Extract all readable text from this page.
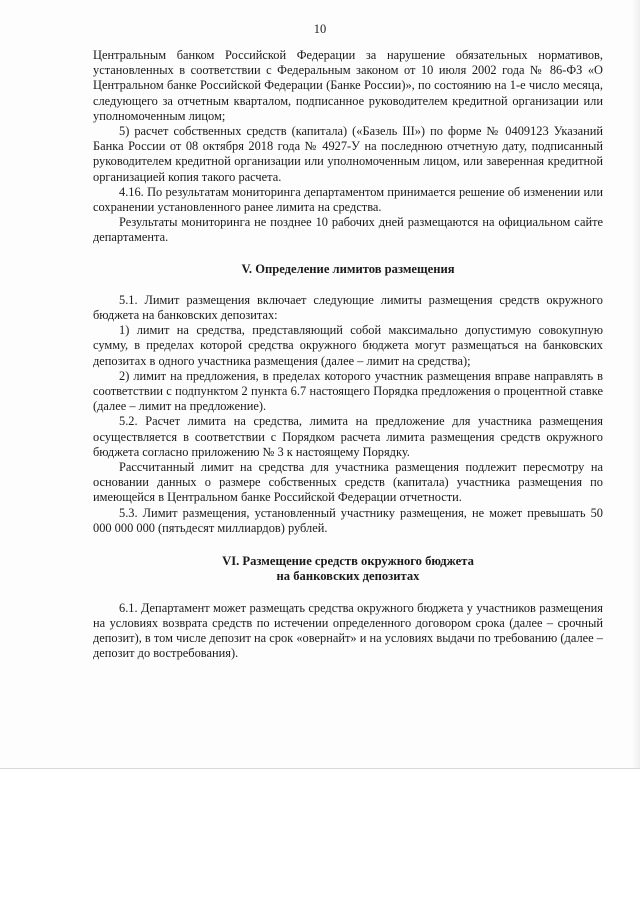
10

Центральным банком Российской Федерации за нарушение обязательных нормативов, установленных в соответствии с Федеральным законом от 10 июля 2002 года № 86-ФЗ «О Центральном банке Российской Федерации (Банке России)», по состоянию на 1-е число месяца, следующего за отчетным кварталом, подписанное руководителем кредитной организации или уполномоченным лицом;

5) расчет собственных средств (капитала) («Базель III») по форме № 0409123 Указаний Банка России от 08 октября 2018 года № 4927-У на последнюю отчетную дату, подписанный руководителем кредитной организации или уполномоченным лицом, или заверенная кредитной организацией копия такого расчета.

4.16. По результатам мониторинга департаментом принимается решение об изменении или сохранении установленного ранее лимита на средства.

Результаты мониторинга не позднее 10 рабочих дней размещаются на официальном сайте департамента.

V. Определение лимитов размещения

5.1. Лимит размещения включает следующие лимиты размещения средств окружного бюджета на банковских депозитах:

1) лимит на средства, представляющий собой максимально допустимую совокупную сумму, в пределах которой средства окружного бюджета могут размещаться на банковских депозитах в одного участника размещения (далее – лимит на средства);

2) лимит на предложения, в пределах которого участник размещения вправе направлять в соответствии с подпунктом 2 пункта 6.7 настоящего Порядка предложения о процентной ставке (далее – лимит на предложение).

5.2. Расчет лимита на средства, лимита на предложение для участника размещения осуществляется в соответствии с Порядком расчета лимита размещения средств окружного бюджета согласно приложению № 3 к настоящему Порядку.

Рассчитанный лимит на средства для участника размещения подлежит пересмотру на основании данных о размере собственных средств (капитала) участника размещения по имеющейся в Центральном банке Российской Федерации отчетности.

5.3. Лимит размещения, установленный участнику размещения, не может превышать 50 000 000 000 (пятьдесят миллиардов) рублей.

VI. Размещение средств окружного бюджета

на банковских депозитах

6.1. Департамент может размещать средства окружного бюджета у участников размещения на условиях возврата средств по истечении определенного договором срока (далее – срочный депозит), в том числе депозит на срок «овернайт» и на условиях выдачи по требованию (далее – депозит до востребования).
